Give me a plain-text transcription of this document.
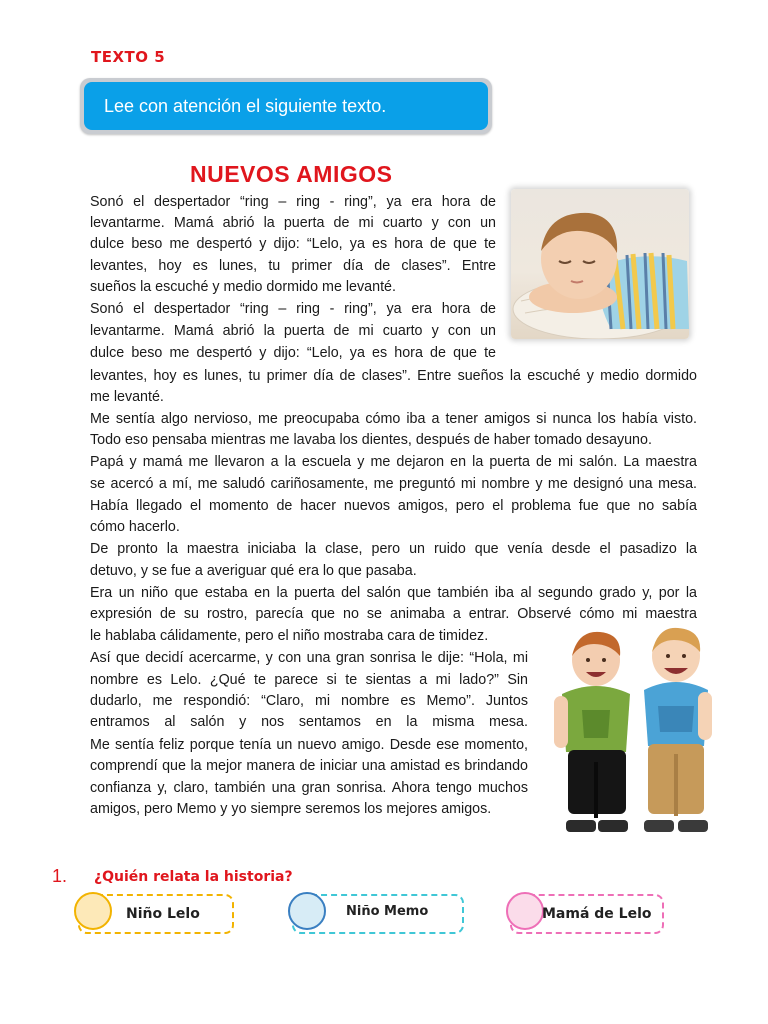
TEXTO 5
Lee con atención el siguiente texto.
NUEVOS AMIGOS
Sonó el despertador “ring – ring - ring”, ya era hora de
levantarme. Mamá abrió la puerta de mi cuarto y con un
dulce beso me despertó y dijo: “Lelo, ya es hora de que te
levantes, hoy es lunes, tu primer día de clases”. Entre
sueños la escuché y medio dormido me levanté.
Sonó el despertador “ring – ring - ring”, ya era hora de
levantarme. Mamá abrió la puerta de mi cuarto y con un
dulce beso me despertó y dijo: “Lelo, ya es hora de que te
levantes, hoy es lunes, tu primer día de clases”. Entre sueños la escuché y medio dormido
me levanté.
Me sentía algo nervioso, me preocupaba cómo iba a tener amigos si nunca los había visto.
Todo eso pensaba mientras me lavaba los dientes, después de haber tomado desayuno.
Papá y mamá me llevaron a la escuela y me dejaron en la puerta de mi salón. La maestra
se acercó a mí, me saludó cariñosamente, me preguntó mi nombre y me designó una mesa.
Había llegado el momento de hacer nuevos amigos, pero el problema fue que no sabía
cómo hacerlo.
De pronto la maestra iniciaba la clase, pero un ruido que venía desde el pasadizo la
detuvo, y se fue a averiguar qué era lo que pasaba.
Era un niño que estaba en la puerta del salón que también iba al segundo grado y, por la
expresión de su rostro, parecía que no se animaba a entrar. Observé cómo mi maestra
le hablaba cálidamente, pero el niño mostraba cara de timidez.
Así que decidí acercarme, y con una gran sonrisa le dije: “Hola, mi
nombre es Lelo. ¿Qué te parece si te sientas a mi lado?” Sin
dudarlo, me respondió: “Claro, mi nombre es Memo”. Juntos
entramos al salón y nos sentamos en la misma mesa.
Me sentía feliz porque tenía un nuevo amigo. Desde ese momento,
comprendí que la mejor manera de iniciar una amistad es brindando
confianza y, claro, también una gran sonrisa. Ahora tengo muchos
amigos, pero Memo y yo siempre seremos los mejores amigos.
1. ¿Quién relata la historia?
Niño Lelo	Niño Memo	Mamá de Lelo
